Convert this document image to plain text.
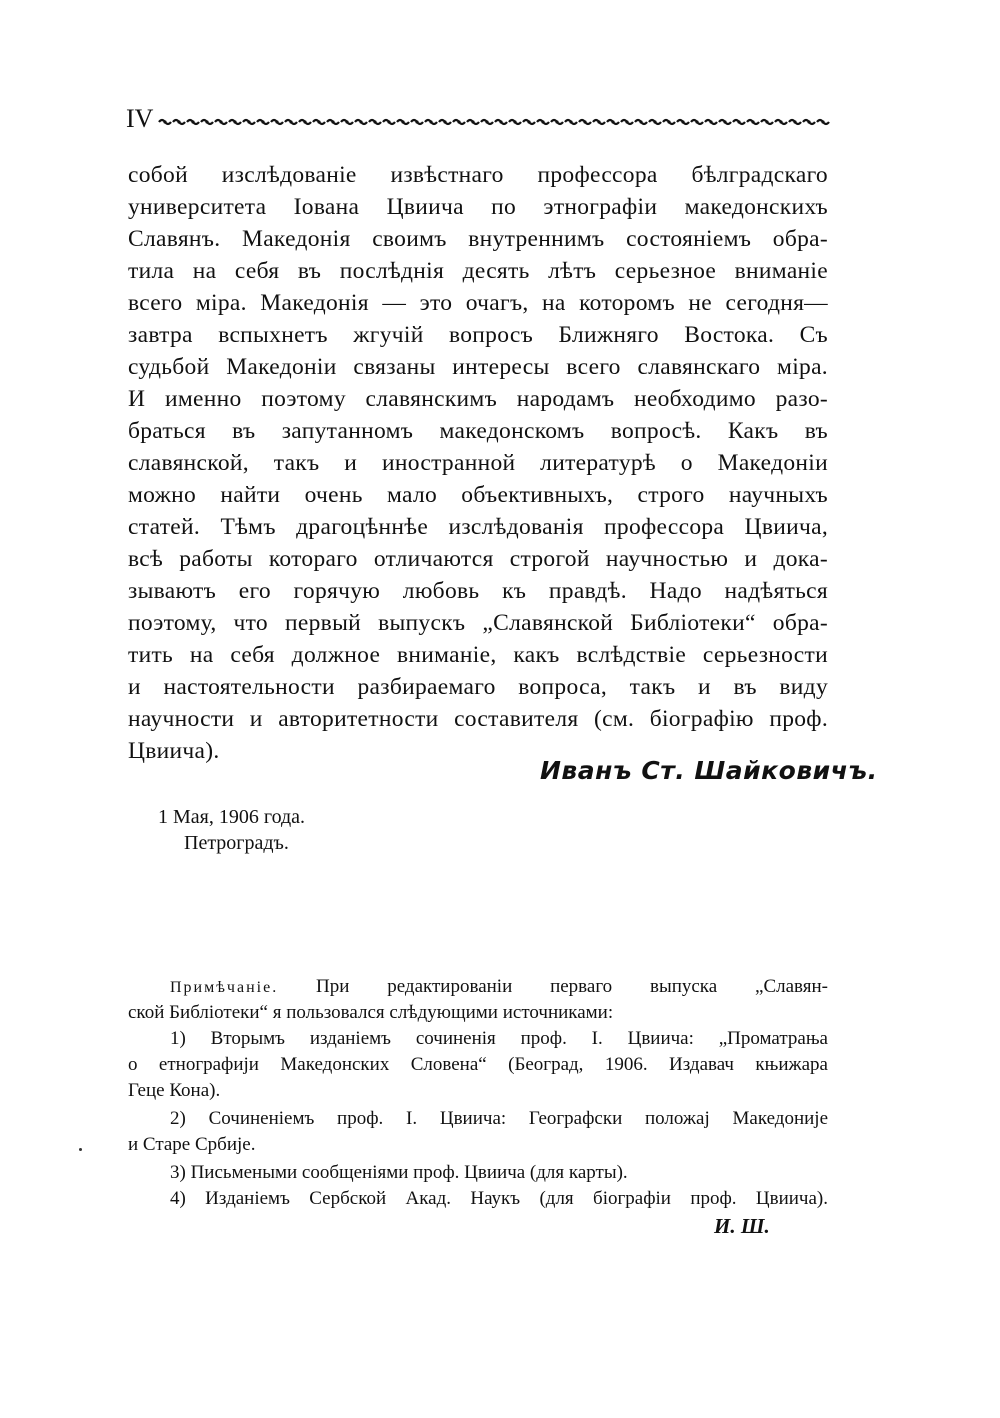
IV
собой изслѣдованіе извѣстнаго профессора бѣлградскаго
университета Іована Цвиича по этнографіи македонскихъ
Славянъ. Македонія своимъ внутреннимъ состояніемъ обра-
тила на себя въ послѣднія десять лѣтъ серьезное вниманіе
всего міра. Македонія — это очагъ, на которомъ не сегодня—
завтра вспыхнетъ жгучій вопросъ Ближняго Востока. Съ
судьбой Македоніи связаны интересы всего славянскаго міра.
И именно поэтому славянскимъ народамъ необходимо разо-
браться въ запутанномъ македонскомъ вопросѣ. Какъ въ
славянской, такъ и иностранной литературѣ о Македоніи
можно найти очень мало объективныхъ, строго научныхъ
статей. Тѣмъ драгоцѣннѣе изслѣдованія профессора Цвиича,
всѣ работы котораго отличаются строгой научностью и дока-
зываютъ его горячую любовь къ правдѣ. Надо надѣяться
поэтому, что первый выпускъ „Славянской Библіотеки“ обра-
тить на себя должное вниманіе, какъ вслѣдствіе серьезности
и настоятельности разбираемаго вопроса, такъ и въ виду
научности и авторитетности составителя (см. біографію проф.
Цвиича).
Иванъ Ст. Шайковичъ.
1 Мая, 1906 года.
Петроградъ.
Примѣчаніе. При редактированіи перваго выпуска „Славян-
ской Библіотеки“ я пользовался слѣдующими источниками:
1) Вторымъ изданіемъ сочиненія проф. І. Цвиича: „Проматрања
о етнографији Македонских Словена“ (Београд, 1906. Издавач књижара
Геце Кона).
2) Сочиненіемъ проф. І. Цвиича: Географски положај Македоније
и Старе Србије.
3) Письмеными сообщеніями проф. Цвиича (для карты).
4) Изданіемъ Сербской Акад. Наукъ (для біографіи проф. Цвиича).
И. Ш.
